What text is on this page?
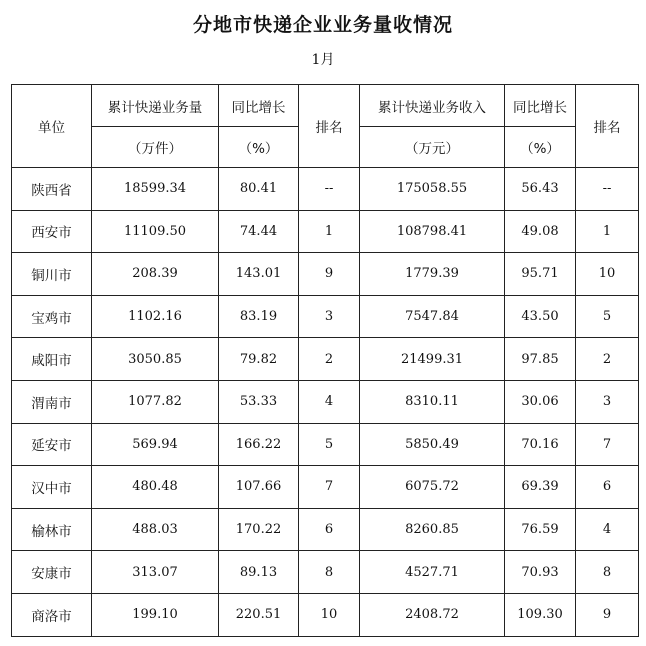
分地市快递企业业务量收情况
1月
单位	累计快递业务量	同比增长	排名	累计快递业务收入	同比增长	排名
	（万件）	（%）		（万元）	（%）	
陕西省	18599.34	80.41	--	175058.55	56.43	--
西安市	11109.50	74.44	1	108798.41	49.08	1
铜川市	208.39	143.01	9	1779.39	95.71	10
宝鸡市	1102.16	83.19	3	7547.84	43.50	5
咸阳市	3050.85	79.82	2	21499.31	97.85	2
渭南市	1077.82	53.33	4	8310.11	30.06	3
延安市	569.94	166.22	5	5850.49	70.16	7
汉中市	480.48	107.66	7	6075.72	69.39	6
榆林市	488.03	170.22	6	8260.85	76.59	4
安康市	313.07	89.13	8	4527.71	70.93	8
商洛市	199.10	220.51	10	2408.72	109.30	9
